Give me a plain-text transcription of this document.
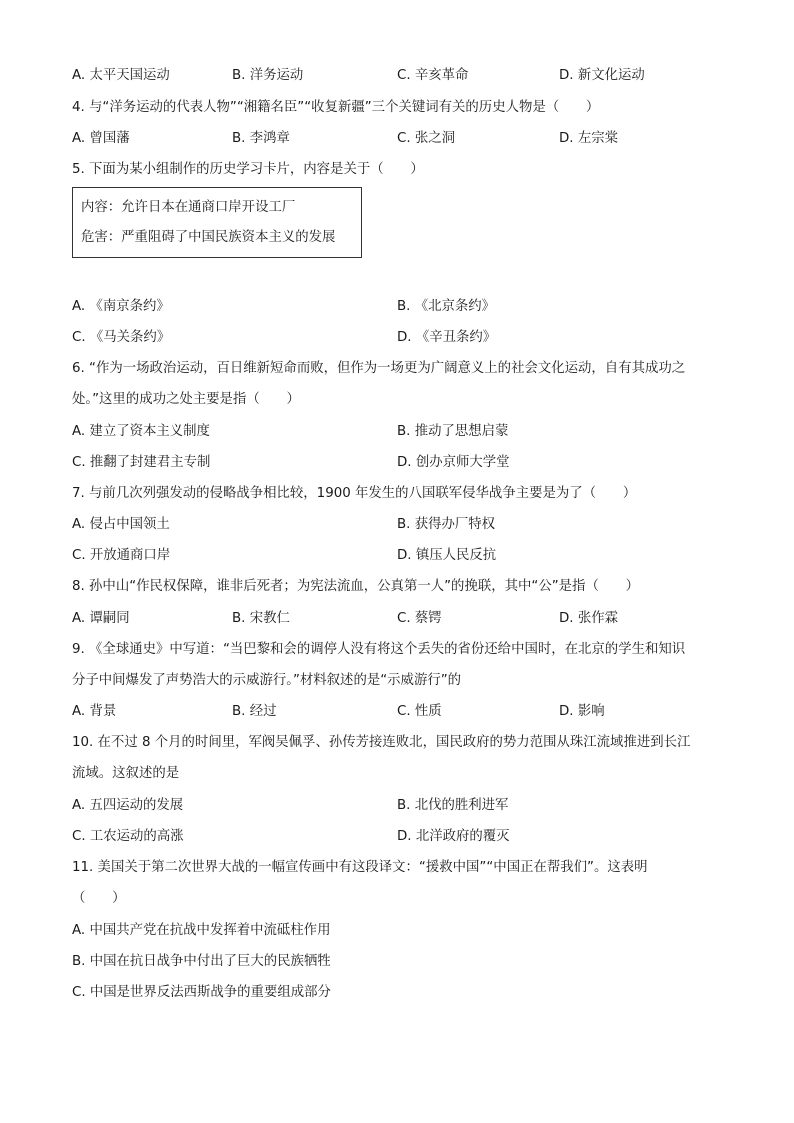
A. 太平天国运动	B. 洋务运动	C. 辛亥革命	D. 新文化运动
4. 与“洋务运动的代表人物”“湘籍名臣”“收复新疆”三个关键词有关的历史人物是（　　）
A. 曾国藩	B. 李鸿章	C. 张之洞	D. 左宗棠
5. 下面为某小组制作的历史学习卡片，内容是关于（　　）
内容：允许日本在通商口岸开设工厂
危害：严重阻碍了中国民族资本主义的发展
A. 《南京条约》	B. 《北京条约》
C. 《马关条约》	D. 《辛丑条约》
6. “作为一场政治运动，百日维新短命而败，但作为一场更为广阔意义上的社会文化运动，自有其成功之
处。”这里的成功之处主要是指（　　）
A. 建立了资本主义制度	B. 推动了思想启蒙
C. 推翻了封建君主专制	D. 创办京师大学堂
7. 与前几次列强发动的侵略战争相比较，1900 年发生的八国联军侵华战争主要是为了（　　）
A. 侵占中国领土	B. 获得办厂特权
C. 开放通商口岸	D. 镇压人民反抗
8. 孙中山“作民权保障，谁非后死者；为宪法流血，公真第一人”的挽联，其中“公”是指（　　）
A. 谭嗣同	B. 宋教仁	C. 蔡锷	D. 张作霖
9. 《全球通史》中写道：“当巴黎和会的调停人没有将这个丢失的省份还给中国时，在北京的学生和知识
分子中间爆发了声势浩大的示威游行。”材料叙述的是“示威游行”的
A. 背景	B. 经过	C. 性质	D. 影响
10. 在不过 8 个月的时间里，军阀吴佩孚、孙传芳接连败北，国民政府的势力范围从珠江流域推进到长江
流域。这叙述的是
A. 五四运动的发展	B. 北伐的胜利进军
C. 工农运动的高涨	D. 北洋政府的覆灭
11. 美国关于第二次世界大战的一幅宣传画中有这段译文：“援救中国”“中国正在帮我们”。这表明
（　　）
A. 中国共产党在抗战中发挥着中流砥柱作用
B. 中国在抗日战争中付出了巨大的民族牺牲
C. 中国是世界反法西斯战争的重要组成部分
